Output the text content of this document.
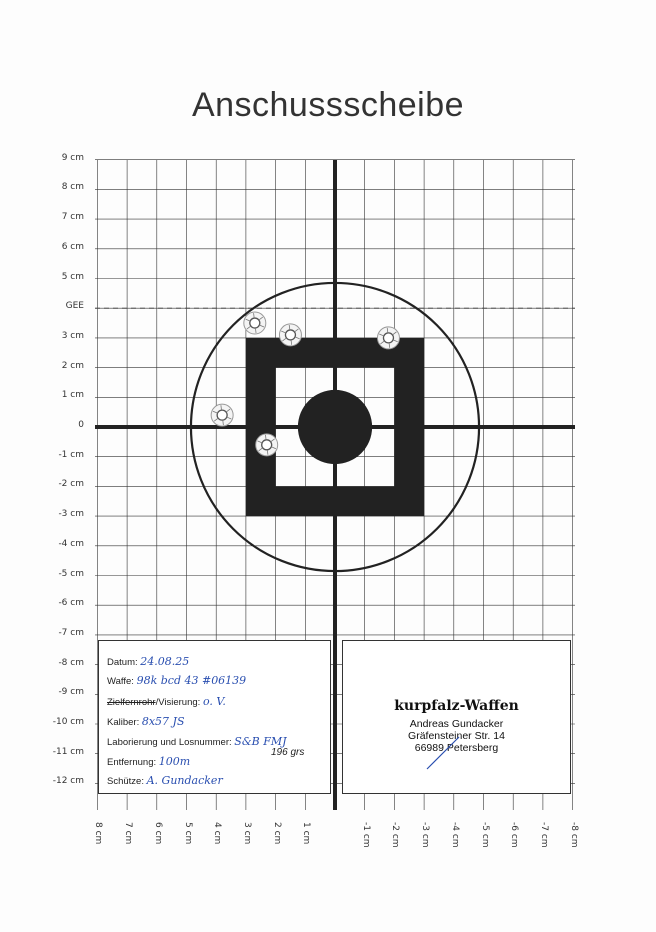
Anschussscheibe
9 cm
8 cm
7 cm
6 cm
5 cm
GEE
3 cm
2 cm
1 cm
0
-1 cm
-2 cm
-3 cm
-4 cm
-5 cm
-6 cm
-7 cm
-8 cm
-9 cm
-10 cm
-11 cm
-12 cm
8 cm 7 cm 6 cm 5 cm 4 cm 3 cm 2 cm 1 cm	-1 cm -2 cm -3 cm -4 cm -5 cm -6 cm -7 cm -8 cm
Datum: 24.08.25
Waffe: 98k bcd 43 #06139
Zielfernrohr/Visierung: o. V.
Kaliber: 8x57 JS
Laborierung und Losnummer: S&B FMJ
196 grs
Entfernung: 100m
Schütze: A. Gundacker
kurpfalz-Waffen
Andreas Gundacker
Gräfensteiner Str. 14
66989 Petersberg
